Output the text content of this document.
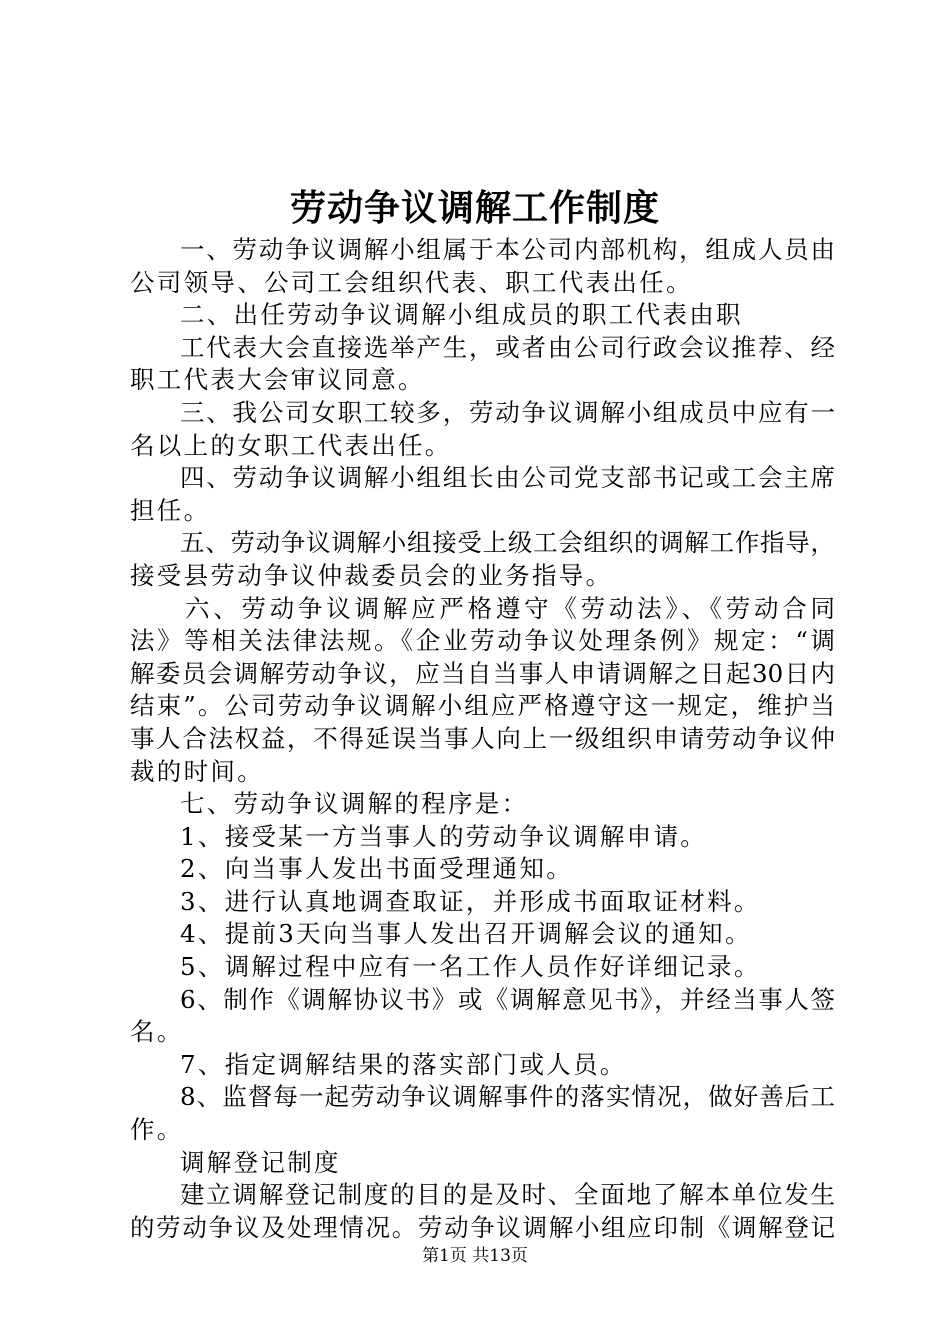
劳动争议调解工作制度
一、劳动争议调解小组属于本公司内部机构，组成人员由
公司领导、公司工会组织代表、职工代表出任。
二、出任劳动争议调解小组成员的职工代表由职
工代表大会直接选举产生，或者由公司行政会议推荐、经
职工代表大会审议同意。
三、我公司女职工较多，劳动争议调解小组成员中应有一
名以上的女职工代表出任。
四、劳动争议调解小组组长由公司党支部书记或工会主席
担任。
五、劳动争议调解小组接受上级工会组织的调解工作指导，
接受县劳动争议仲裁委员会的业务指导。
六、劳动争议调解应严格遵守《劳动法》、《劳动合同
法》等相关法律法规。《企业劳动争议处理条例》规定：“调
解委员会调解劳动争议，应当自当事人申请调解之日起30日内
结束”。公司劳动争议调解小组应严格遵守这一规定，维护当
事人合法权益，不得延误当事人向上一级组织申请劳动争议仲
裁的时间。
七、劳动争议调解的程序是：
1、接受某一方当事人的劳动争议调解申请。
2、向当事人发出书面受理通知。
3、进行认真地调查取证，并形成书面取证材料。
4、提前3天向当事人发出召开调解会议的通知。
5、调解过程中应有一名工作人员作好详细记录。
6、制作《调解协议书》或《调解意见书》，并经当事人签
名。
7、指定调解结果的落实部门或人员。
8、监督每一起劳动争议调解事件的落实情况，做好善后工
作。
调解登记制度
建立调解登记制度的目的是及时、全面地了解本单位发生
的劳动争议及处理情况。劳动争议调解小组应印制《调解登记
第1页 共13页
